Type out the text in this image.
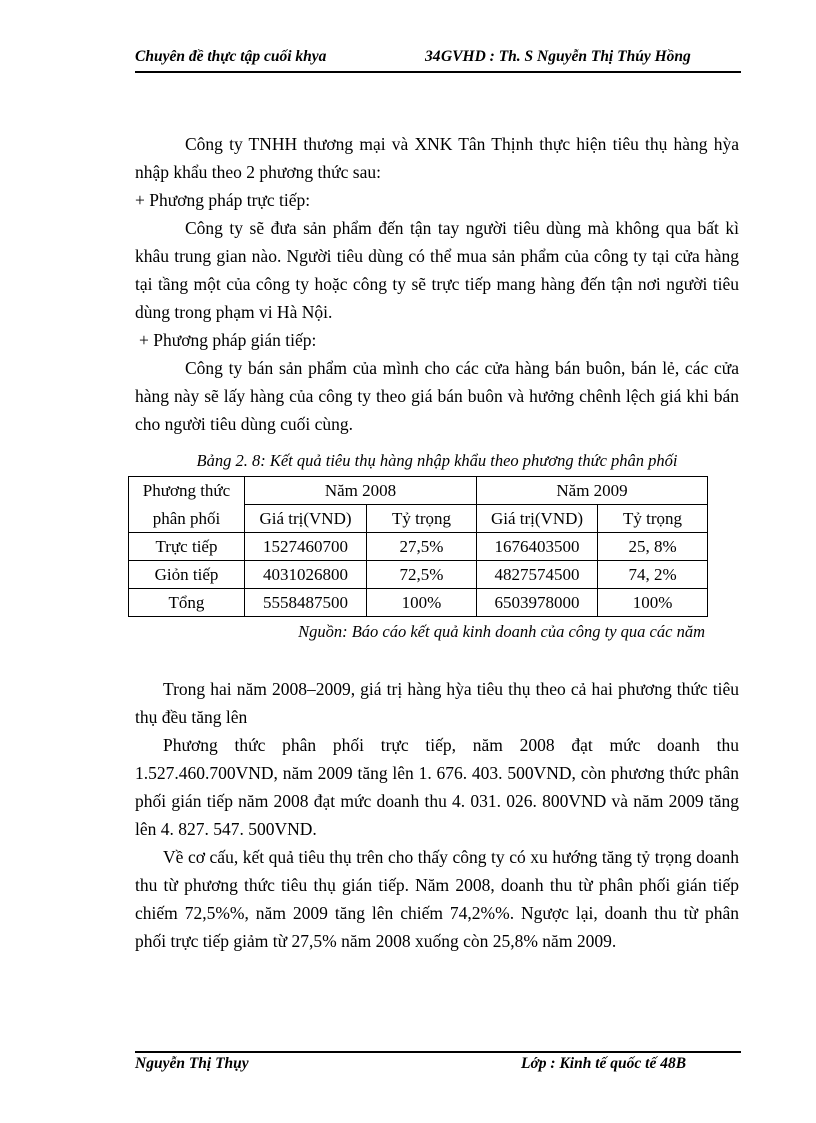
Chuyên đề thực tập cuối khya	34 GVHD : Th. S Nguyễn Thị Thúy Hồng

Công ty TNHH thương mại và XNK Tân Thịnh thực hiện tiêu thụ hàng hỳa nhập khẩu theo 2 phương thức sau:

+ Phương pháp trực tiếp:

Công ty sẽ đưa sản phẩm đến tận tay người tiêu dùng mà không qua bất kì khâu trung gian nào. Người tiêu dùng có thể mua sản phẩm của công ty tại cửa hàng tại tầng một của công ty hoặc công ty sẽ trực tiếp mang hàng đến tận nơi người tiêu dùng trong phạm vi Hà Nội.

+ Phương pháp gián tiếp:

Công ty bán sản phẩm của mình cho các cửa hàng bán buôn, bán lẻ, các cửa hàng này sẽ lấy hàng của công ty theo giá bán buôn và hưởng chênh lệch giá khi bán cho người tiêu dùng cuối cùng.

Bảng 2. 8: Kết quả tiêu thụ hàng nhập khẩu theo phương thức phân phối
Phương thức	Năm 2008		Năm 2009	
phân phối	Giá trị(VND)	Tỷ trọng	Giá trị(VND)	Tỷ trọng
Trực tiếp	1527460700	27,5%	1676403500	25, 8%
Giỏn tiếp	4031026800	72,5%	4827574500	74, 2%
Tổng	5558487500	100%	6503978000	100%
Nguồn: Báo cáo kết quả kinh doanh của công ty qua các năm

Trong hai năm 2008–2009, giá trị hàng hỳa tiêu thụ theo cả hai phương thức tiêu thụ đều tăng lên

Phương thức phân phối trực tiếp, năm 2008 đạt mức doanh thu 1.527.460.700VND, năm 2009 tăng lên 1. 676. 403. 500VND, còn phương thức phân phối gián tiếp năm 2008 đạt mức doanh thu 4. 031. 026. 800VND và năm 2009 tăng lên 4. 827. 547. 500VND.

Về cơ cấu, kết quả tiêu thụ trên cho thấy công ty có xu hướng tăng tỷ trọng doanh thu từ phương thức tiêu thụ gián tiếp. Năm 2008, doanh thu từ phân phối gián tiếp chiếm 72,5%%, năm 2009 tăng lên chiếm 74,2%%. Ngược lại, doanh thu từ phân phối trực tiếp giảm từ 27,5% năm 2008 xuống còn 25,8% năm 2009.

Nguyễn Thị Thụy	Lớp : Kinh tế quốc tế 48B
